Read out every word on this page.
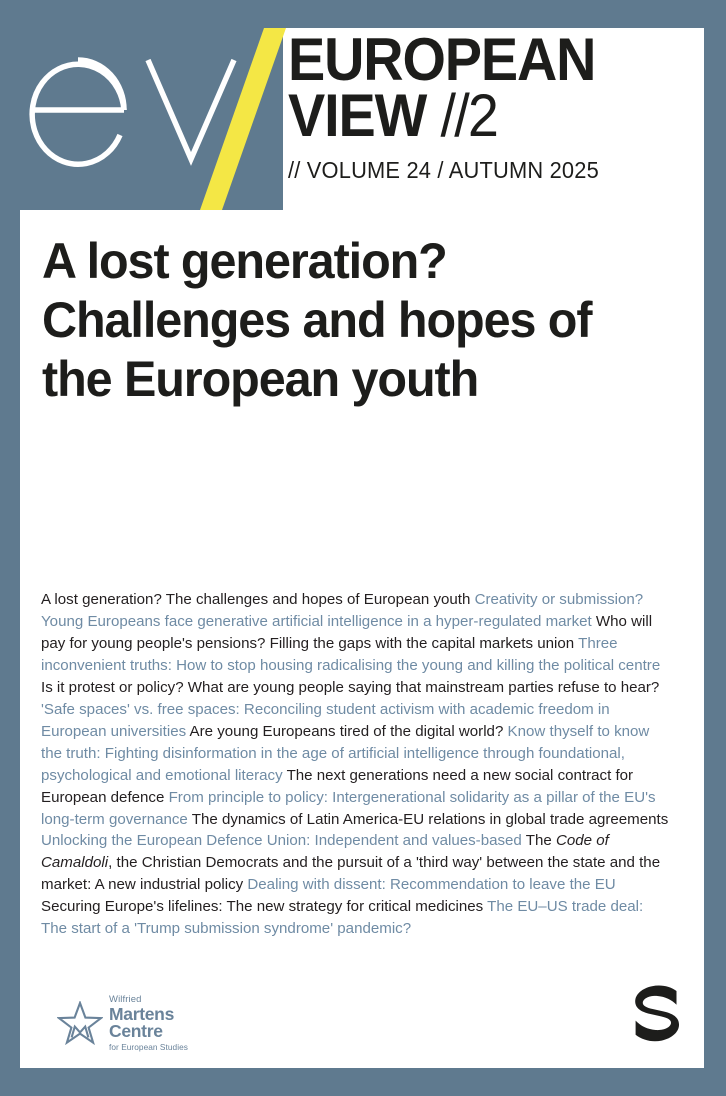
EUROPEAN
VIEW //2
// VOLUME 24 / AUTUMN 2025
A lost generation?
Challenges and hopes of
the European youth
A lost generation? The challenges and hopes of European youth Creativity or submission? Young Europeans face generative artificial intelligence in a hyper-regulated market Who will pay for young people's pensions? Filling the gaps with the capital markets union Three inconvenient truths: How to stop housing radicalising the young and killing the political centre Is it protest or policy? What are young people saying that mainstream parties refuse to hear? 'Safe spaces' vs. free spaces: Reconciling student activism with academic freedom in European universities Are young Europeans tired of the digital world? Know thyself to know the truth: Fighting disinformation in the age of artificial intelligence through foundational, psychological and emotional literacy The next generations need a new social contract for European defence From principle to policy: Intergenerational solidarity as a pillar of the EU's long-term governance The dynamics of Latin America-EU relations in global trade agreements Unlocking the European Defence Union: Independent and values-based The Code of Camaldoli, the Christian Democrats and the pursuit of a 'third way' between the state and the market: A new industrial policy Dealing with dissent: Recommendation to leave the EU Securing Europe's lifelines: The new strategy for critical medicines The EU–US trade deal: The start of a 'Trump submission syndrome' pandemic?
Wilfried
Martens Centre
for European Studies
